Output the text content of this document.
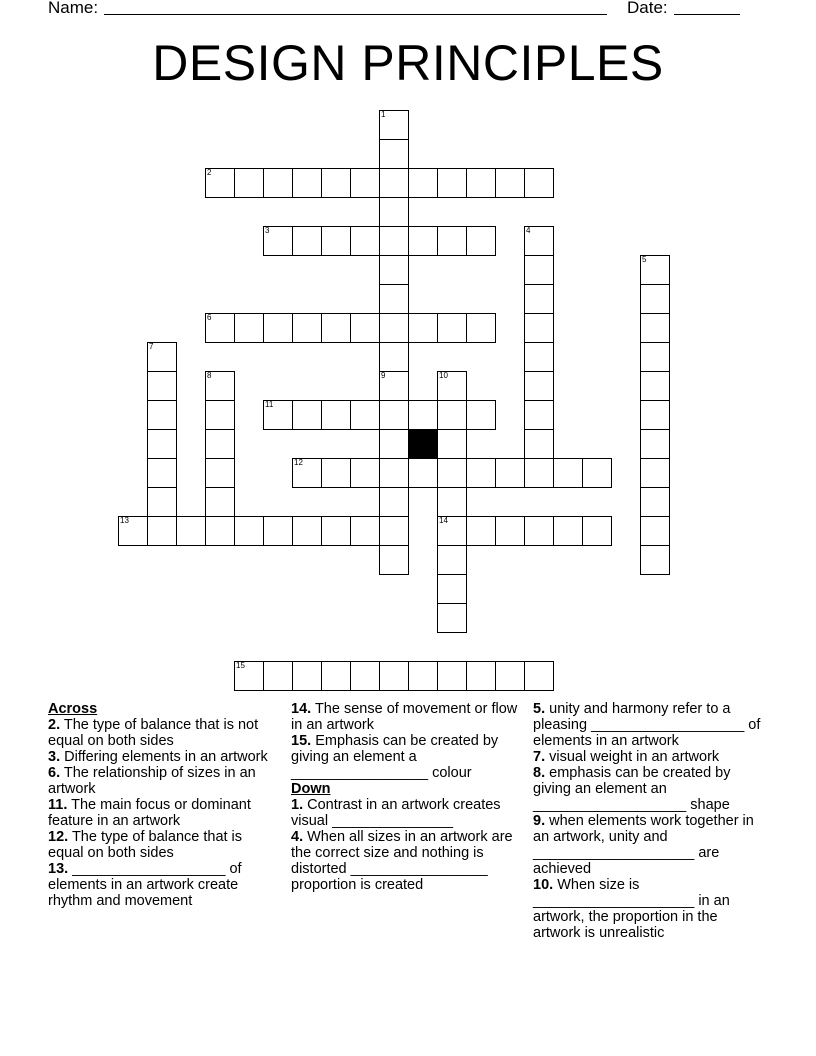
Name:	Date:
DESIGN PRINCIPLES
1
9
2
3	4
5
6
7
8	10
14
11
12
13
15

Across

2. The type of balance that is not equal on both sides

3. Differing elements in an artwork

6. The relationship of sizes in an artwork

11. The main focus or dominant feature in an artwork

12. The type of balance that is equal on both sides

13. ___________________ of elements in an artwork create rhythm and movement

14. The sense of movement or flow in an artwork

15. Emphasis can be created by giving an element a _________________ colour

Down

1. Contrast in an artwork creates visual _______________

4. When all sizes in an artwork are the correct size and nothing is distorted _________________ proportion is created

5. unity and harmony refer to a pleasing ___________________ of elements in an artwork

7. visual weight in an artwork

8. emphasis can be created by giving an element an ___________________ shape

9. when elements work together in an artwork, unity and ____________________ are achieved

10. When size is ____________________ in an artwork, the proportion in the artwork is unrealistic
